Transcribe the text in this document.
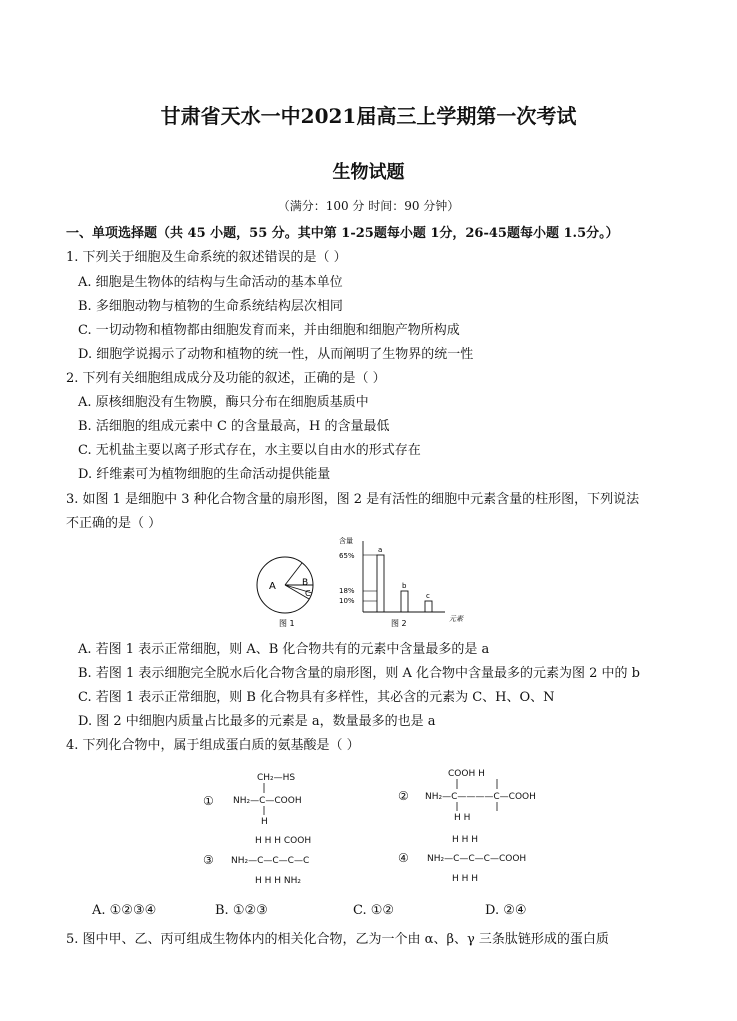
甘肃省天水一中2021届高三上学期第一次考试
生物试题
（满分：100 分 时间：90 分钟）
一、单项选择题（共 45 小题，55 分。其中第 1-25题每小题 1分，26-45题每小题 1.5分。）
1. 下列关于细胞及生命系统的叙述错误的是（ ）
A. 细胞是生物体的结构与生命活动的基本单位
B. 多细胞动物与植物的生命系统结构层次相同
C. 一切动物和植物都由细胞发育而来，并由细胞和细胞产物所构成
D. 细胞学说揭示了动物和植物的统一性，从而阐明了生物界的统一性
2. 下列有关细胞组成成分及功能的叙述，正确的是（ ）
A. 原核细胞没有生物膜，酶只分布在细胞质基质中
B. 活细胞的组成元素中 C 的含量最高，H 的含量最低
C. 无机盐主要以离子形式存在，水主要以自由水的形式存在
D. 纤维素可为植物细胞的生命活动提供能量
3. 如图 1 是细胞中 3 种化合物含量的扇形图，图 2 是有活性的细胞中元素含量的柱形图，下列说法
不正确的是（ ）
A	B
C
图 1
含量
元素
65%
18%
10%
a
b
c
图 2
A. 若图 1 表示正常细胞，则 A、B 化合物共有的元素中含量最多的是 a
B. 若图 1 表示细胞完全脱水后化合物含量的扇形图，则 A 化合物中含量最多的元素为图 2 中的 b
C. 若图 1 表示正常细胞，则 B 化合物具有多样性，其必含的元素为 C、H、O、N
D. 图 2 中细胞内质量占比最多的元素是 a，数量最多的也是 a
4. 下列化合物中，属于组成蛋白质的氨基酸是（ ）
①
CH₂—HS
NH₂—C—COOH
H
②
COOH H
NH₂—C————C—COOH
H H
③
H H H COOH
NH₂—C—C—C—C
H H H NH₂
④
H H H
NH₂—C—C—C—COOH
H H H
A. ①②③④	B. ①②③	C. ①②	D. ②④
5. 图中甲、乙、丙可组成生物体内的相关化合物，乙为一个由 α、β、γ 三条肽链形成的蛋白质
